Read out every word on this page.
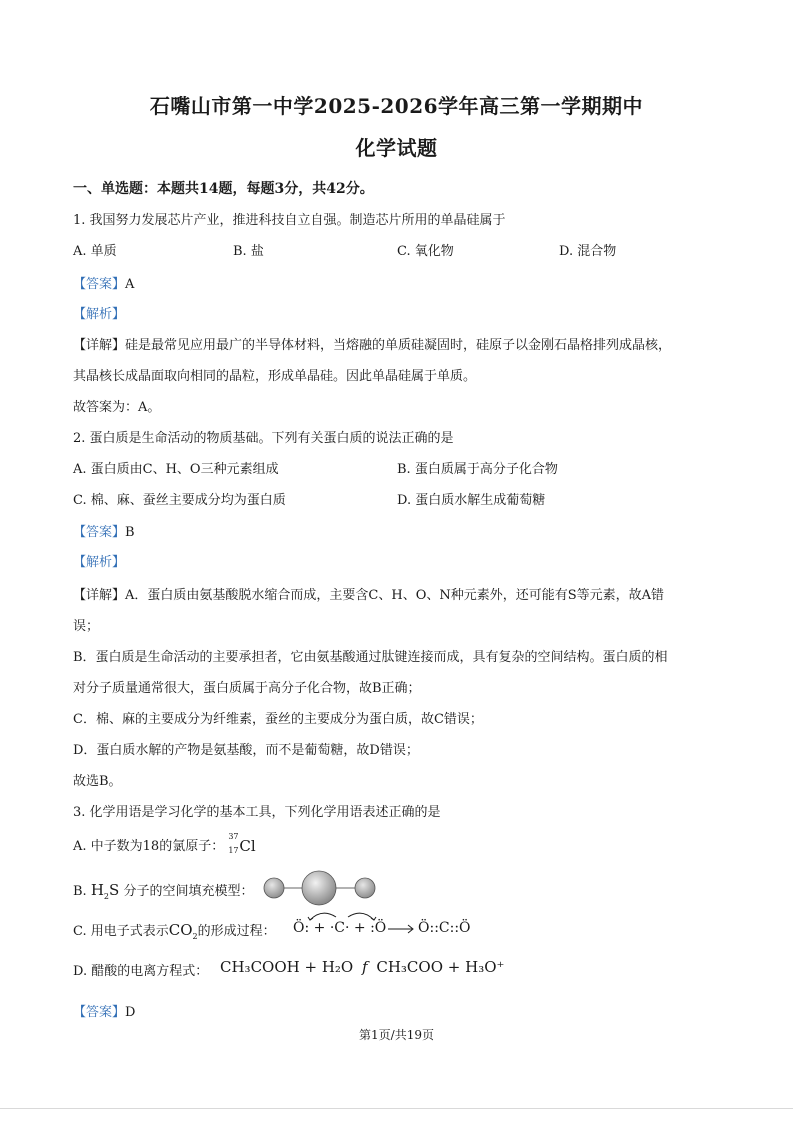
石嘴山市第一中学2025-2026学年高三第一学期期中
化学试题
一、单选题：本题共14题，每题3分，共42分。
1. 我国努力发展芯片产业，推进科技自立自强。制造芯片所用的单晶硅属于
A. 单质	B. 盐	C. 氧化物	D. 混合物
【答案】A
【解析】
【详解】硅是最常见应用最广的半导体材料，当熔融的单质硅凝固时，硅原子以金刚石晶格排列成晶核，
其晶核长成晶面取向相同的晶粒，形成单晶硅。因此单晶硅属于单质。
故答案为：A。
2. 蛋白质是生命活动的物质基础。下列有关蛋白质的说法正确的是
A. 蛋白质由C、H、O三种元素组成	B. 蛋白质属于高分子化合物
C. 棉、麻、蚕丝主要成分均为蛋白质	D. 蛋白质水解生成葡萄糖
【答案】B
【解析】
【详解】A．蛋白质由氨基酸脱水缩合而成，主要含C、H、O、N种元素外，还可能有S等元素，故A错
误；
B．蛋白质是生命活动的主要承担者，它由氨基酸通过肽键连接而成，具有复杂的空间结构。蛋白质的相
对分子质量通常很大，蛋白质属于高分子化合物，故B正确；
C．棉、麻的主要成分为纤维素，蚕丝的主要成分为蛋白质，故C错误；
D．蛋白质水解的产物是氨基酸，而不是葡萄糖，故D错误；
故选B。
3. 化学用语是学习化学的基本工具，下列化学用语表述正确的是
A. 中子数为18的氯原子：
37
17 Cl
B. $H_2S$ 分子的空间填充模型：
C. 用电子式表示$CO_2$的形成过程： Ö: + ·C· + :Ö → Ö::C::Ö
D. 醋酸的电离方程式： CH₃COOH + H₂O f CH₃COO + H₃O⁺
【答案】D
第1页/共19页
